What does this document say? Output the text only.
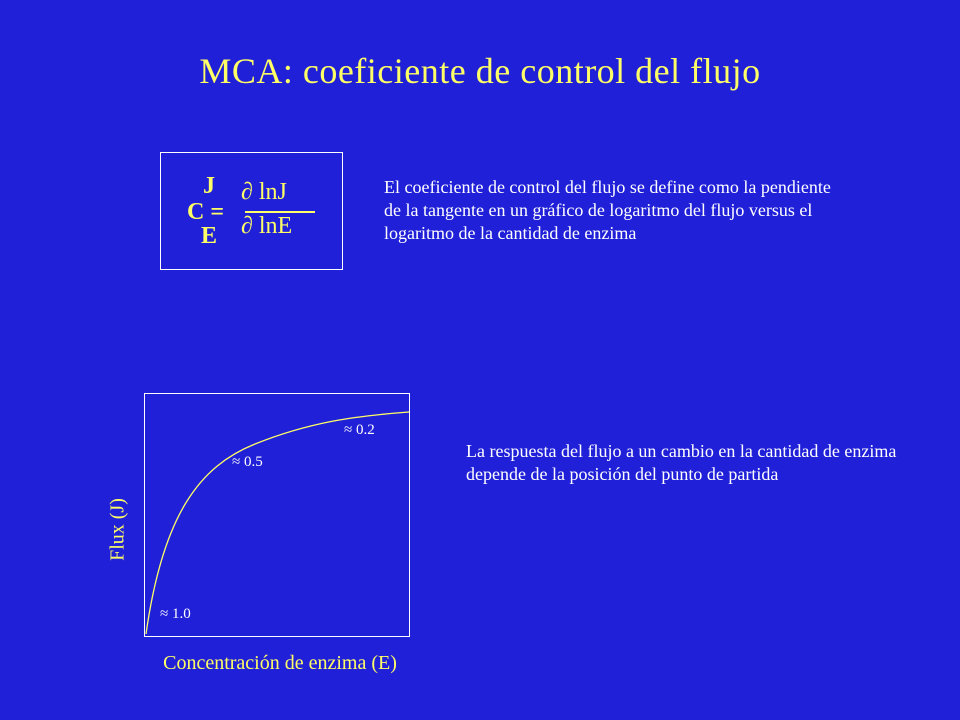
MCA: coeficiente de control del flujo
J
C =
E
∂ lnJ
∂ lnE
El coeficiente de control del flujo se define como la pendiente de la tangente en un gráfico de logaritmo del flujo versus el logaritmo de la cantidad de enzima
≈ 1.0
≈ 0.5
≈ 0.2
Flux (J)
Concentración de enzima (E)
La respuesta del flujo a un cambio en la cantidad de enzima depende de la posición del punto de partida
